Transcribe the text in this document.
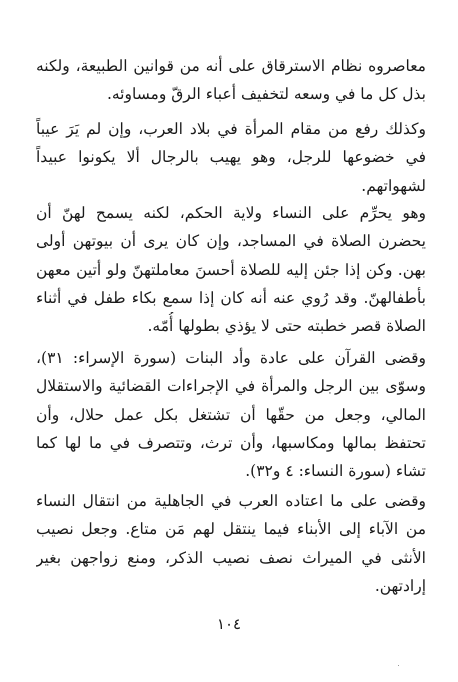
معاصروه نظام الاسترقاق على أنه من قوانين الطبيعة، ولكنه
بذل كل ما في وسعه لتخفيف أعباء الرقّ ومساوئه.
وكذلك رفع من مقام المرأة في بلاد العرب، وإن لم يَرَ عيباً
في خضوعها للرجل، وهو يهيب بالرجال ألا يكونوا عبيداً
لشهواتهم.
وهو يحرِّم على النساء ولاية الحكم، لكنه يسمح لهنّ أن
يحضرن الصلاة في المساجد، وإن كان يرى أن بيوتهن أولى
بهن. وكن إذا جئن إليه للصلاة أحسنَ معاملتهنّ ولو أتين معهن
بأطفالهنّ. وقد رُوي عنه أنه كان إذا سمع بكاء طفل في أثناء
الصلاة قصر خطبته حتى لا يؤذي بطولها أُمّه.
وقضى القرآن على عادة وأد البنات (سورة الإسراء: ٣١)،
وسوّى بين الرجل والمرأة في الإجراءات القضائية والاستقلال
المالي، وجعل من حقّها أن تشتغل بكل عمل حلال، وأن
تحتفظ بمالها ومكاسبها، وأن ترث، وتتصرف في ما لها كما
تشاء (سورة النساء: ٤ و٣٢).
وقضى على ما اعتاده العرب في الجاهلية من انتقال النساء
من الآباء إلى الأبناء فيما ينتقل لهم مَن متاع. وجعل نصيب
الأنثى في الميراث نصف نصيب الذكر، ومنع زواجهن بغير
إرادتهن.
١٠٤
